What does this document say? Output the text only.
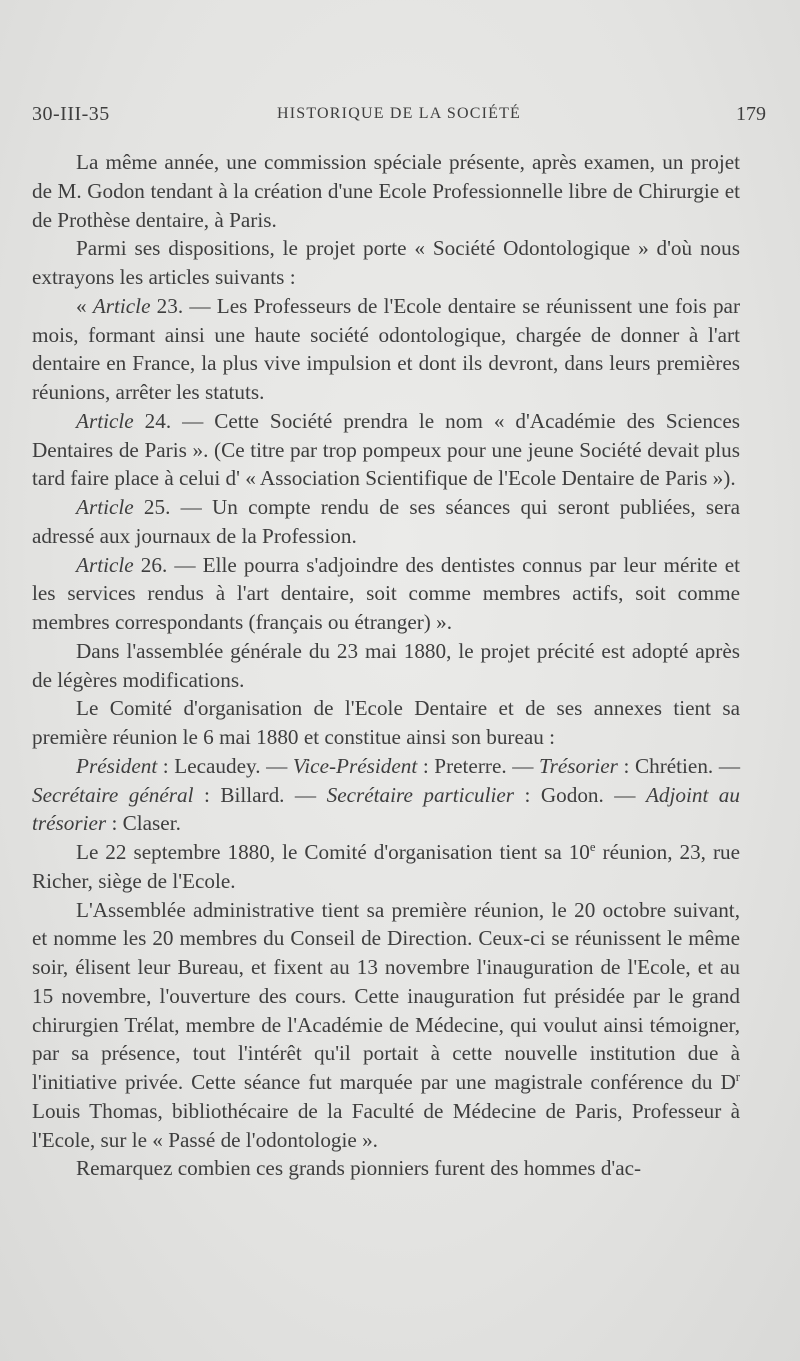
30-III-35	HISTORIQUE DE LA SOCIÉTÉ	179

La même année, une commission spéciale présente, après examen, un projet de M. Godon tendant à la création d'une Ecole Professionnelle libre de Chirurgie et de Prothèse dentaire, à Paris.

Parmi ses dispositions, le projet porte « Société Odontologique » d'où nous extrayons les articles suivants :

« Article 23. — Les Professeurs de l'Ecole dentaire se réunissent une fois par mois, formant ainsi une haute société odontologique, chargée de donner à l'art dentaire en France, la plus vive impulsion et dont ils devront, dans leurs premières réunions, arrêter les statuts.

Article 24. — Cette Société prendra le nom « d'Académie des Sciences Dentaires de Paris ». (Ce titre par trop pompeux pour une jeune Société devait plus tard faire place à celui d' « Association Scientifique de l'Ecole Dentaire de Paris »).

Article 25. — Un compte rendu de ses séances qui seront publiées, sera adressé aux journaux de la Profession.

Article 26. — Elle pourra s'adjoindre des dentistes connus par leur mérite et les services rendus à l'art dentaire, soit comme membres actifs, soit comme membres correspondants (français ou étranger) ».

Dans l'assemblée générale du 23 mai 1880, le projet précité est adopté après de légères modifications.

Le Comité d'organisation de l'Ecole Dentaire et de ses annexes tient sa première réunion le 6 mai 1880 et constitue ainsi son bureau :

Président : Lecaudey. — Vice-Président : Preterre. — Trésorier : Chrétien. — Secrétaire général : Billard. — Secrétaire particulier : Godon. — Adjoint au trésorier : Claser.

Le 22 septembre 1880, le Comité d'organisation tient sa 10e réunion, 23, rue Richer, siège de l'Ecole.

L'Assemblée administrative tient sa première réunion, le 20 octobre suivant, et nomme les 20 membres du Conseil de Direction. Ceux-ci se réunissent le même soir, élisent leur Bureau, et fixent au 13 novembre l'inauguration de l'Ecole, et au 15 novembre, l'ouverture des cours. Cette inauguration fut présidée par le grand chirurgien Trélat, membre de l'Académie de Médecine, qui voulut ainsi témoigner, par sa présence, tout l'intérêt qu'il portait à cette nouvelle institution due à l'initiative privée. Cette séance fut marquée par une magistrale conférence du $D^r$ Louis Thomas, bibliothécaire de la Faculté de Médecine de Paris, Professeur à l'Ecole, sur le « Passé de l'odontologie ».

Remarquez combien ces grands pionniers furent des hommes d'ac-
